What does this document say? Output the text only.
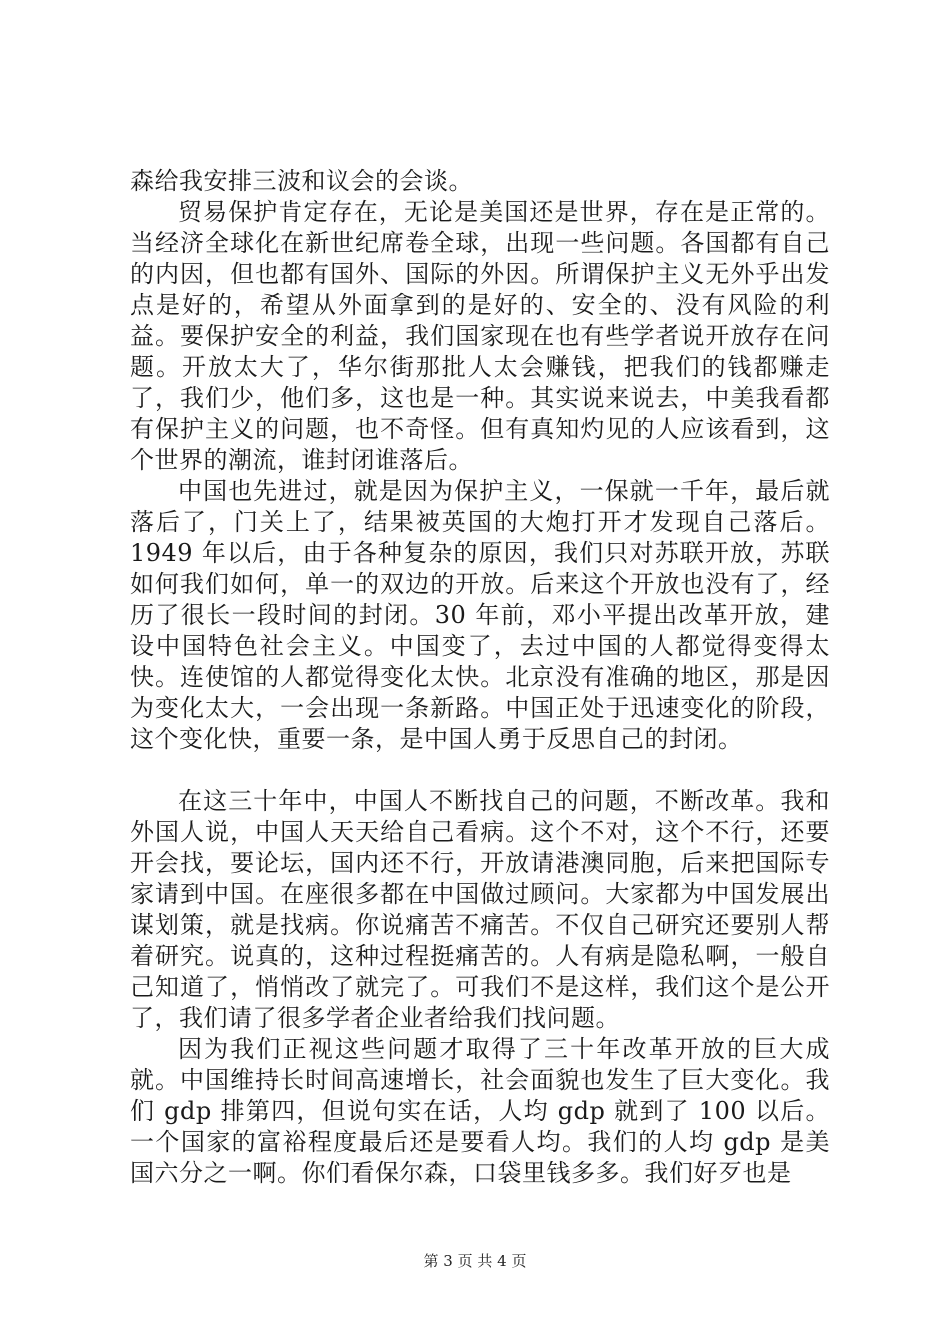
森给我安排三波和议会的会谈。

贸易保护肯定存在，无论是美国还是世界，存在是正常的。当经济全球化在新世纪席卷全球，出现一些问题。各国都有自己的内因，但也都有国外、国际的外因。所谓保护主义无外乎出发点是好的，希望从外面拿到的是好的、安全的、没有风险的利益。要保护安全的利益，我们国家现在也有些学者说开放存在问题。开放太大了，华尔街那批人太会赚钱，把我们的钱都赚走了，我们少，他们多，这也是一种。其实说来说去，中美我看都有保护主义的问题，也不奇怪。但有真知灼见的人应该看到，这个世界的潮流，谁封闭谁落后。

中国也先进过，就是因为保护主义，一保就一千年，最后就落后了，门关上了，结果被英国的大炮打开才发现自己落后。1949 年以后，由于各种复杂的原因，我们只对苏联开放，苏联如何我们如何，单一的双边的开放。后来这个开放也没有了，经历了很长一段时间的封闭。30 年前，邓小平提出改革开放，建设中国特色社会主义。中国变了，去过中国的人都觉得变得太快。连使馆的人都觉得变化太快。北京没有准确的地区，那是因为变化太大，一会出现一条新路。中国正处于迅速变化的阶段，这个变化快，重要一条，是中国人勇于反思自己的封闭。

在这三十年中，中国人不断找自己的问题，不断改革。我和外国人说，中国人天天给自己看病。这个不对，这个不行，还要开会找，要论坛，国内还不行，开放请港澳同胞，后来把国际专家请到中国。在座很多都在中国做过顾问。大家都为中国发展出谋划策，就是找病。你说痛苦不痛苦。不仅自己研究还要别人帮着研究。说真的，这种过程挺痛苦的。人有病是隐私啊，一般自己知道了，悄悄改了就完了。可我们不是这样，我们这个是公开了，我们请了很多学者企业者给我们找问题。

因为我们正视这些问题才取得了三十年改革开放的巨大成就。中国维持长时间高速增长，社会面貌也发生了巨大变化。我们 gdp 排第四，但说句实在话，人均 gdp 就到了 100 以后。一个国家的富裕程度最后还是要看人均。我们的人均 gdp 是美国六分之一啊。你们看保尔森，口袋里钱多多。我们好歹也是

第 3 页 共 4 页
